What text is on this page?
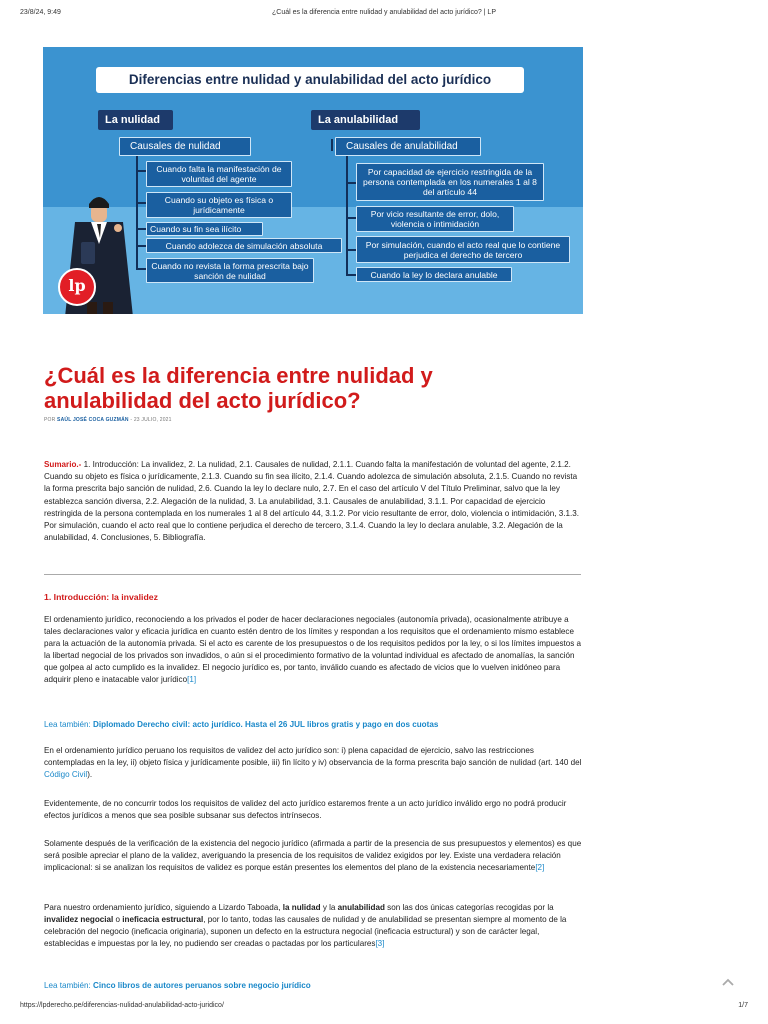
23/8/24, 9:49	¿Cuál es la diferencia entre nulidad y anulabilidad del acto jurídico? | LP
Diferencias entre nulidad y anulabilidad del acto jurídico
La nulidad
Causales de nulidad
Cuando falta la manifestación de voluntad del agente
Cuando su objeto es física o jurídicamente
Cuando su fin sea ilícito
Cuando adolezca de simulación absoluta
Cuando no revista la forma prescrita bajo sanción de nulidad
La anulabilidad
Causales de anulabilidad
Por capacidad de ejercicio restringida de la persona contemplada en los numerales 1 al 8 del artículo 44
Por vicio resultante de error, dolo, violencia o intimidación
Por simulación, cuando el acto real que lo contiene perjudica el derecho de tercero
Cuando la ley lo declara anulable
lp
¿Cuál es la diferencia entre nulidad y anulabilidad del acto jurídico?
POR SAÚL JOSÉ COCA GUZMÁN - 23 JULIO, 2021
Sumario.- 1. Introducción: La invalidez, 2. La nulidad, 2.1. Causales de nulidad, 2.1.1. Cuando falta la manifestación de voluntad del agente, 2.1.2. Cuando su objeto es física o jurídicamente, 2.1.3. Cuando su fin sea ilícito, 2.1.4. Cuando adolezca de simulación absoluta, 2.1.5. Cuando no revista la forma prescrita bajo sanción de nulidad, 2.6. Cuando la ley lo declare nulo, 2.7. En el caso del artículo V del Título Preliminar, salvo que la ley establezca sanción diversa, 2.2. Alegación de la nulidad, 3. La anulabilidad, 3.1. Causales de anulabilidad, 3.1.1. Por capacidad de ejercicio restringida de la persona contemplada en los numerales 1 al 8 del artículo 44, 3.1.2. Por vicio resultante de error, dolo, violencia o intimidación, 3.1.3. Por simulación, cuando el acto real que lo contiene perjudica el derecho de tercero, 3.1.4. Cuando la ley lo declara anulable, 3.2. Alegación de la anulabilidad, 4. Conclusiones, 5. Bibliografía.
1. Introducción: la invalidez
El ordenamiento jurídico, reconociendo a los privados el poder de hacer declaraciones negociales (autonomía privada), ocasionalmente atribuye a tales declaraciones valor y eficacia jurídica en cuanto estén dentro de los límites y respondan a los requisitos que el ordenamiento mismo establece para la actuación de la autonomía privada. Si el acto es carente de los presupuestos o de los requisitos pedidos por la ley, o si los límites impuestos a la libertad negocial de los privados son invadidos, o aún si el procedimiento formativo de la voluntad individual es afectado de anomalías, la sanción que golpea al acto cumplido es la invalidez. El negocio jurídico es, por tanto, inválido cuando es afectado de vicios que lo vuelven inidóneo para adquirir pleno e inatacable valor jurídico[1]
Lea también: Diplomado Derecho civil: acto jurídico. Hasta el 26 JUL libros gratis y pago en dos cuotas
En el ordenamiento jurídico peruano los requisitos de validez del acto jurídico son: i) plena capacidad de ejercicio, salvo las restricciones contempladas en la ley, ii) objeto física y jurídicamente posible, iii) fin lícito y iv) observancia de la forma prescrita bajo sanción de nulidad (art. 140 del Código Civil).
Evidentemente, de no concurrir todos los requisitos de validez del acto jurídico estaremos frente a un acto jurídico inválido ergo no podrá producir efectos jurídicos a menos que sea posible subsanar sus defectos intrínsecos.
Solamente después de la verificación de la existencia del negocio jurídico (afirmada a partir de la presencia de sus presupuestos y elementos) es que será posible apreciar el plano de la validez, averiguando la presencia de los requisitos de validez exigidos por ley. Existe una verdadera relación implicacional: si se analizan los requisitos de validez es porque están presentes los elementos del plano de la existencia necesariamente[2]
Para nuestro ordenamiento jurídico, siguiendo a Lizardo Taboada, la nulidad y la anulabilidad son las dos únicas categorías recogidas por la invalidez negocial o ineficacia estructural, por lo tanto, todas las causales de nulidad y de anulabilidad se presentan siempre al momento de la celebración del negocio (ineficacia originaria), suponen un defecto en la estructura negocial (ineficacia estructural) y son de carácter legal, establecidas e impuestas por la ley, no pudiendo ser creadas o pactadas por los particulares[3]
Lea también: Cinco libros de autores peruanos sobre negocio jurídico
https://lpderecho.pe/diferencias-nulidad-anulabilidad-acto-juridico/	1/7
